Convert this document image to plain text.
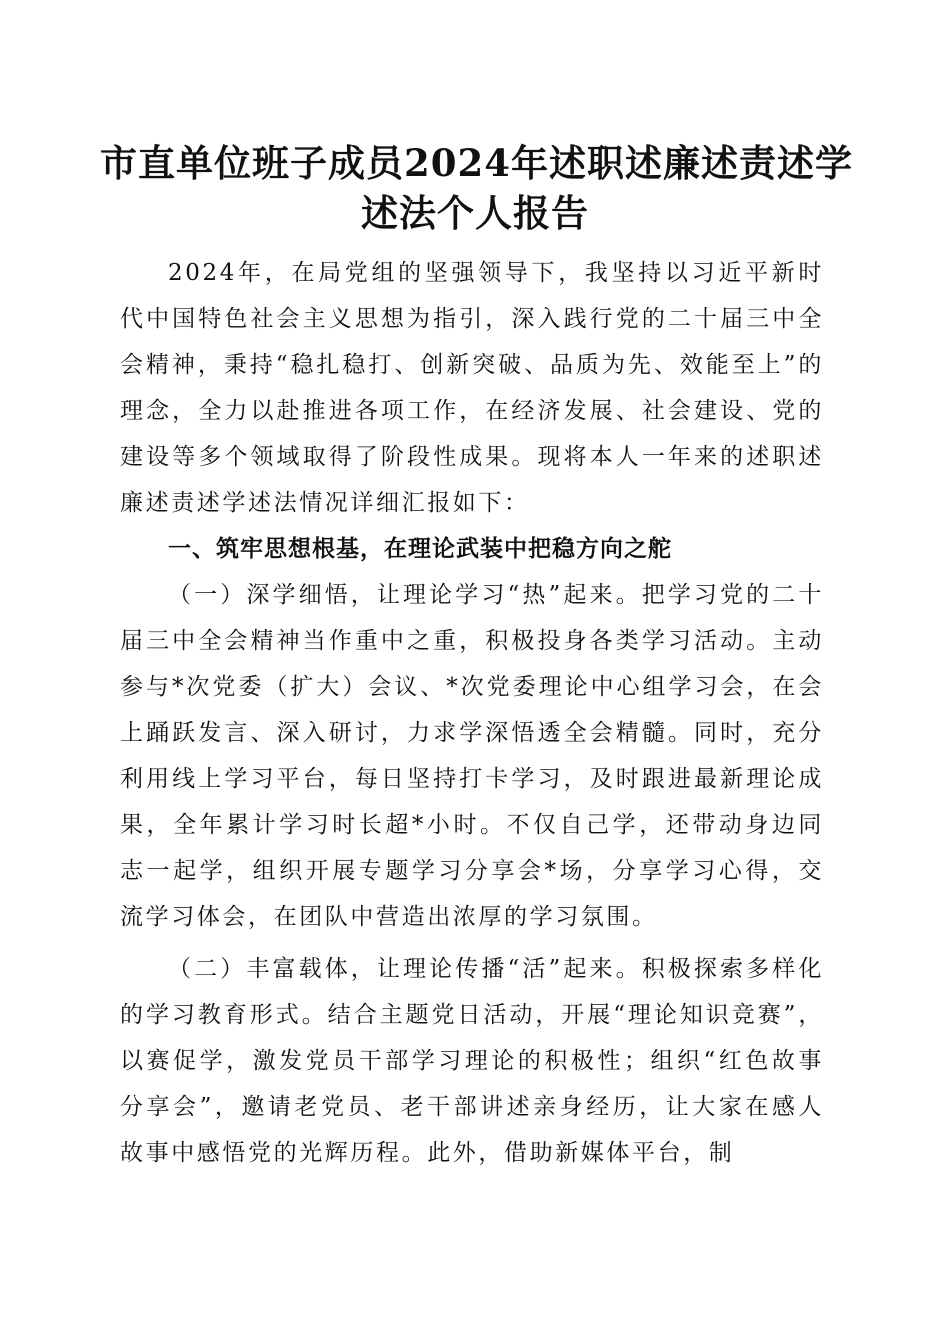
市直单位班子成员2024年述职述廉述责述学
述法个人报告

2024年，在局党组的坚强领导下，我坚持以习近平新时代中国特色社会主义思想为指引，深入践行党的二十届三中全会精神，秉持“稳扎稳打、创新突破、品质为先、效能至上”的理念，全力以赴推进各项工作，在经济发展、社会建设、党的建设等多个领域取得了阶段性成果。现将本人一年来的述职述廉述责述学述法情况详细汇报如下：

一、筑牢思想根基，在理论武装中把稳方向之舵

（一）深学细悟，让理论学习“热”起来。把学习党的二十届三中全会精神当作重中之重，积极投身各类学习活动。主动参与*次党委（扩大）会议、*次党委理论中心组学习会，在会上踊跃发言、深入研讨，力求学深悟透全会精髓。同时，充分利用线上学习平台，每日坚持打卡学习，及时跟进最新理论成果，全年累计学习时长超*小时。不仅自己学，还带动身边同志一起学，组织开展专题学习分享会*场，分享学习心得，交流学习体会，在团队中营造出浓厚的学习氛围。

（二）丰富载体，让理论传播“活”起来。积极探索多样化的学习教育形式。结合主题党日活动，开展“理论知识竞赛”，以赛促学，激发党员干部学习理论的积极性；组织“红色故事分享会”，邀请老党员、老干部讲述亲身经历，让大家在感人故事中感悟党的光辉历程。此外，借助新媒体平台，制
